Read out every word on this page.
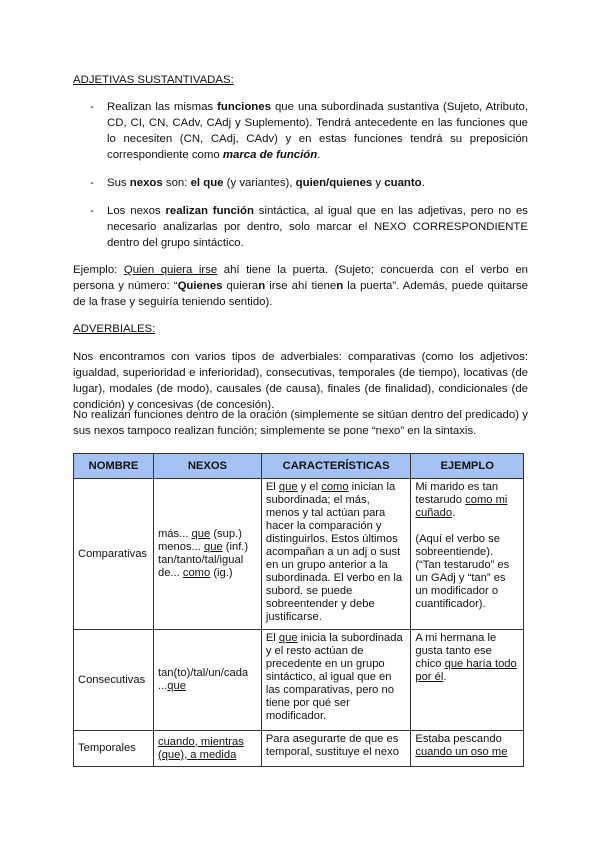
ADJETIVAS SUSTANTIVADAS:
- Realizan las mismas funciones que una subordinada sustantiva (Sujeto, Atributo, CD, CI, CN, CAdv, CAdj y Suplemento). Tendrá antecedente en las funciones que lo necesiten (CN, CAdj, CAdv) y en estas funciones tendrá su preposición correspondiente como marca de función.
- Sus nexos son: el que (y variantes), quien/quienes y cuanto.
- Los nexos realizan función sintáctica, al igual que en las adjetivas, pero no es necesario analizarlas por dentro, solo marcar el NEXO CORRESPONDIENTE dentro del grupo sintáctico.
Ejemplo: Quien quiera irse ahí tiene la puerta. (Sujeto; concuerda con el verbo en persona y número: “Quienes quieran irse ahí tienen la puerta”. Además, puede quitarse de la frase y seguiría teniendo sentido).
ADVERBIALES:
Nos encontramos con varios tipos de adverbiales: comparativas (como los adjetivos: igualdad, superioridad e inferioridad), consecutivas, temporales (de tiempo), locativas (de lugar), modales (de modo), causales (de causa), finales (de finalidad), condicionales (de condición) y concesivas (de concesión).
No realizan funciones dentro de la oración (simplemente se sitúan dentro del predicado) y sus nexos tampoco realizan función; simplemente se pone “nexo” en la sintaxis.
NOMBRE	NEXOS	CARACTERÍSTICAS	EJEMPLO
Comparativas	más... que (sup.) menos... que (inf.) tan/tanto/tal/igual de... como (ig.)	El que y el como inician la subordinada; el más, menos y tal actúan para hacer la comparación y distinguirlos. Estos últimos acompañan a un adj o sust en un grupo anterior a la subordinada. El verbo en la subord. se puede sobreentender y debe justificarse.	Mi marido es tan testarudo como mi cuñado.
(Aquí el verbo se sobreentiende). (“Tan testarudo” es un GAdj y “tan” es un modificador o cuantificador).

Consecutivas	tan(to)/tal/un/cada ...que	El que inicia la subordinada y el resto actúan de precedente en un grupo sintáctico, al igual que en las comparativas, pero no tiene por qué ser modificador.	A mi hermana le gusta tanto ese chico que haría todo por él.
Temporales	cuando, mientras (que), a medida	Para asegurarte de que es temporal, sustituye el nexo	Estaba pescando cuando un oso me
